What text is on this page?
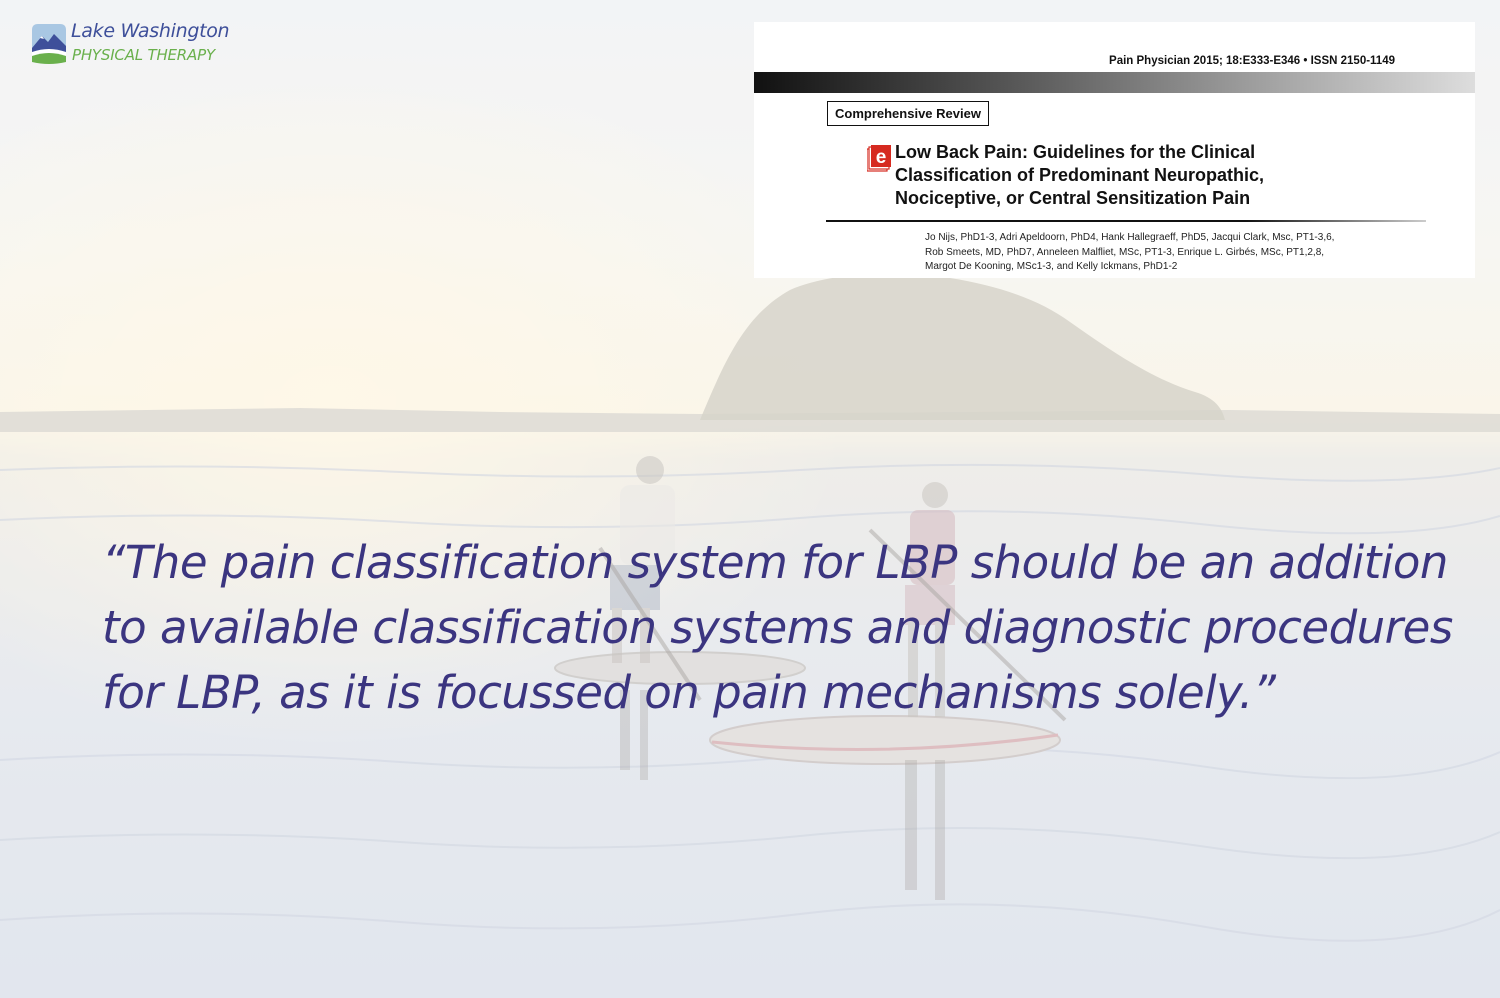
Lake Washington
PHYSICAL THERAPY	Pain Physician 2015; 18:E333-E346 • ISSN 2150-1149
Comprehensive Review
e Low Back Pain: Guidelines for the Clinical
Classification of Predominant Neuropathic,
Nociceptive, or Central Sensitization Pain
Jo Nijs, PhD1-3, Adri Apeldoorn, PhD4, Hank Hallegraeff, PhD5, Jacqui Clark, Msc, PT1-3,6,
Rob Smeets, MD, PhD7, Anneleen Malfliet, MSc, PT1-3, Enrique L. Girbés, MSc, PT1,2,8,
Margot De Kooning, MSc1-3, and Kelly Ickmans, PhD1-2
“The pain classification system for LBP should be an addition
to available classification systems and diagnostic procedures
for LBP, as it is focussed on pain mechanisms solely.”
